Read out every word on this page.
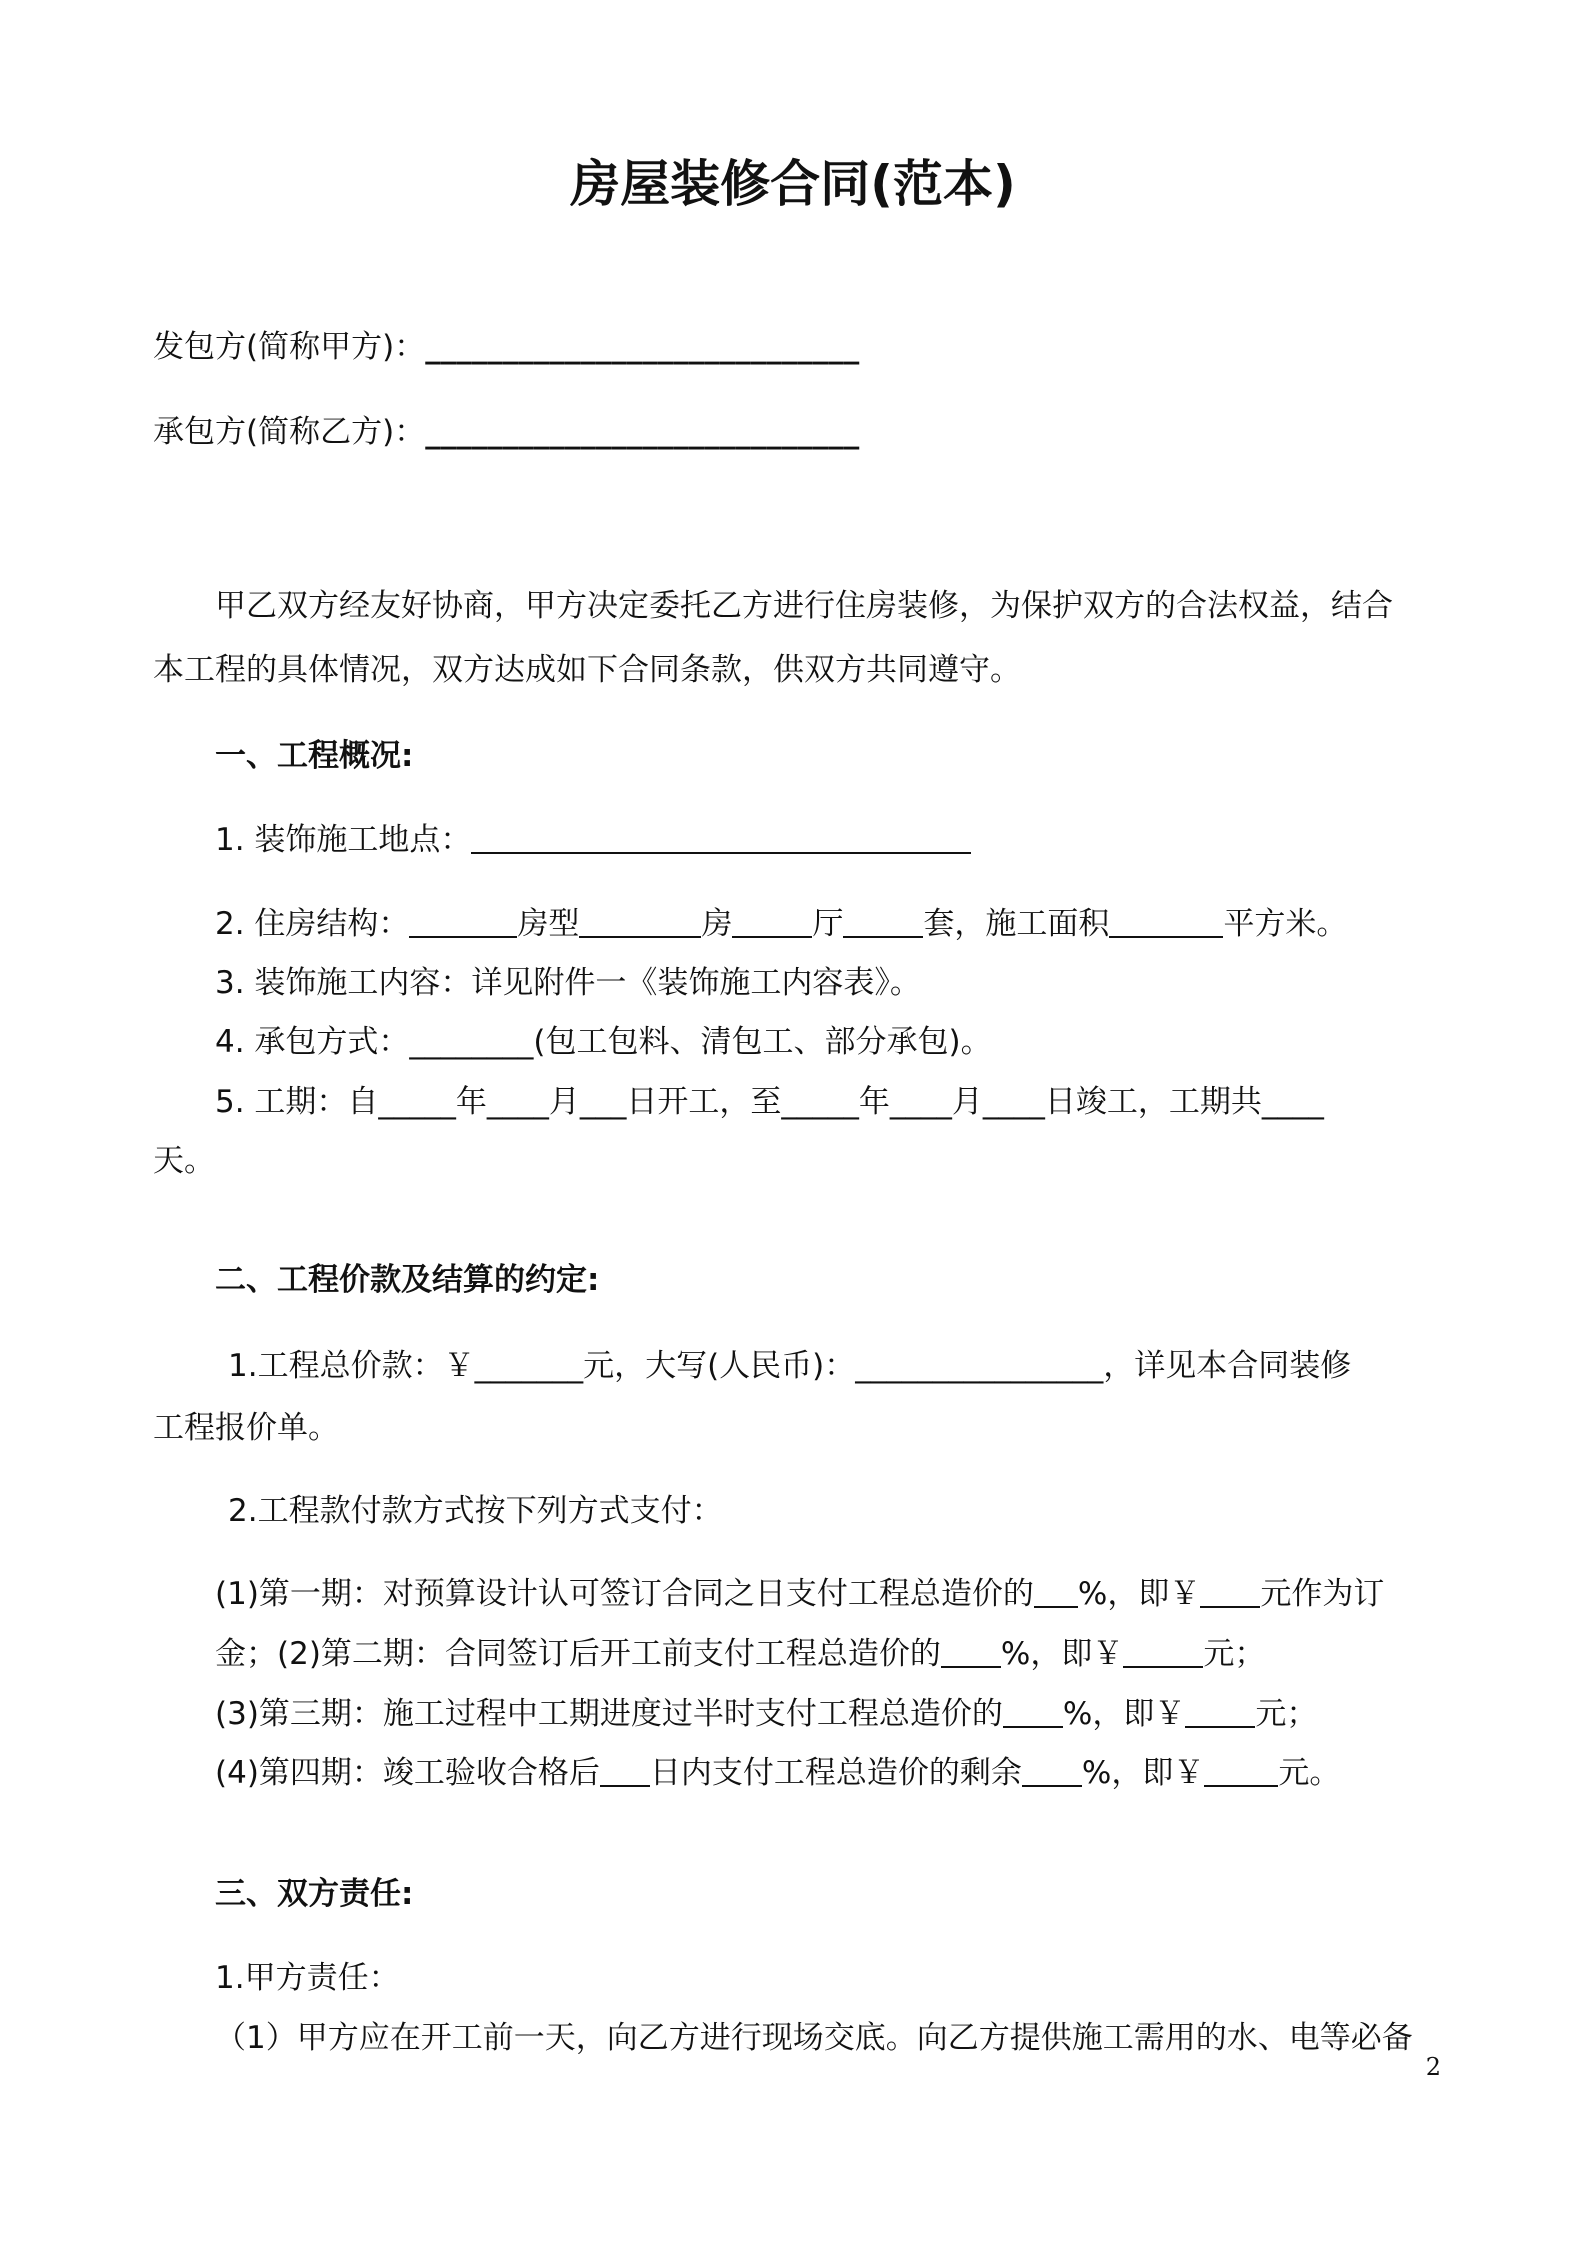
房屋装修合同(范本)
发包方(简称甲方)：____________________________
承包方(简称乙方)：____________________________
甲乙双方经友好协商，甲方决定委托乙方进行住房装修，为保护双方的合法权益，结合
本工程的具体情况，双方达成如下合同条款，供双方共同遵守。
一、工程概况:
1. 装饰施工地点：
2. 住房结构：	房型	房	厅	套，施工面积	平方米。
3. 装饰施工内容：详见附件一《装饰施工内容表》。
4. 承包方式：________(包工包料、清包工、部分承包)。
5. 工期：自_____年____月___日开工，至_____年____月____日竣工，工期共____
天。
二、工程价款及结算的约定:
1.工程总价款：￥_______元，大写(人民币)：________________，详见本合同装修
工程报价单。
2.工程款付款方式按下列方式支付：
(1)第一期：对预算设计认可签订合同之日支付工程总造价的 %，即￥ 元作为订
金；(2)第二期：合同签订后开工前支付工程总造价的 %，即￥	元；
(3)第三期：施工过程中工期进度过半时支付工程总造价的 %，即￥ 元；
(4)第四期：竣工验收合格后 日内支付工程总造价的剩余 %，即￥ 元。
三、双方责任:
1.甲方责任：
（1）甲方应在开工前一天，向乙方进行现场交底。向乙方提供施工需用的水、电等必备
2
